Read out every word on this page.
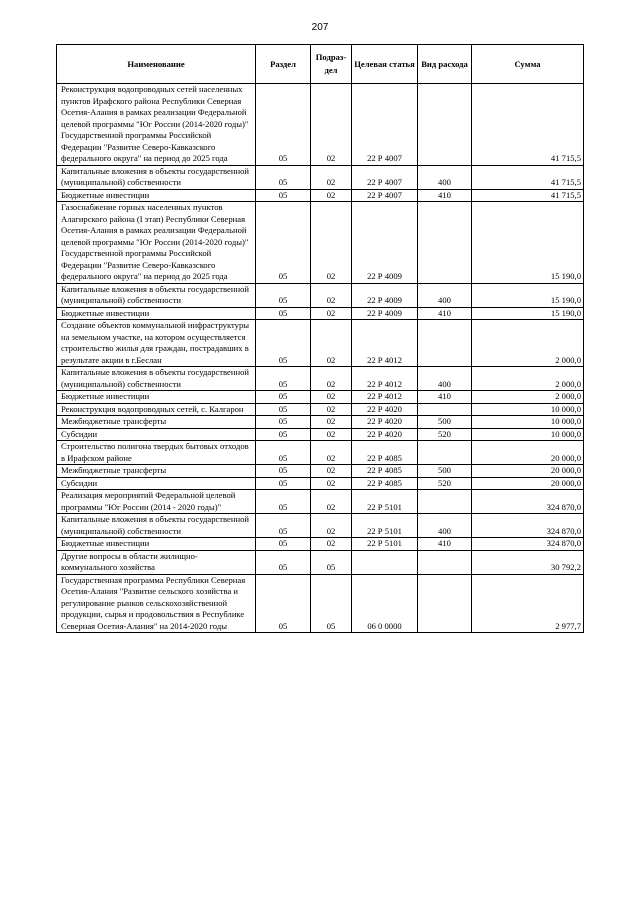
207
Наименование	Раздел	Подраз-дел	Целевая статья	Вид расхода	Сумма
Реконструкция водопроводных сетей населенных пунктов Ирафского района Республики Северная Осетия-Алания в рамках реализации Федеральной целевой программы "Юг России (2014-2020 годы)" Государственной программы Российской Федерации "Развитие Северо-Кавказского федерального округа" на период до 2025 года	05	02	22 Р 4007		41 715,5
Капитальные вложения в объекты государственной (муниципальной) собственности	05	02	22 Р 4007	400	41 715,5
Бюджетные инвестиции	05	02	22 Р 4007	410	41 715,5
Газоснабжение горных населенных пунктов Алагирского района (I этап) Республики Северная Осетия-Алания в рамках реализации Федеральной целевой программы "Юг России (2014-2020 годы)" Государственной программы Российской Федерации "Развитие Северо-Кавказского федерального округа" на период до 2025 года	05	02	22 Р 4009		15 190,0
Капитальные вложения в объекты государственной (муниципальной) собственности	05	02	22 Р 4009	400	15 190,0
Бюджетные инвестиции	05	02	22 Р 4009	410	15 190,0
Создание объектов коммунальной инфраструктуры на земельном участке, на котором осуществляется строительство жилья для граждан, пострадавших в результате акции в г.Беслан	05	02	22 Р 4012		2 000,0
Капитальные вложения в объекты государственной (муниципальной) собственности	05	02	22 Р 4012	400	2 000,0
Бюджетные инвестиции	05	02	22 Р 4012	410	2 000,0
Реконструкция водопроводных сетей, с. Калгарон	05	02	22 Р 4020		10 000,0
Межбюджетные трансферты	05	02	22 Р 4020	500	10 000,0
Субсидии	05	02	22 Р 4020	520	10 000,0
Строительство полигона твердых бытовых отходов в Ирафском районе	05	02	22 Р 4085		20 000,0
Межбюджетные трансферты	05	02	22 Р 4085	500	20 000,0
Субсидии	05	02	22 Р 4085	520	20 000,0
Реализация мероприятий Федеральной целевой программы "Юг России (2014 - 2020 годы)"	05	02	22 Р 5101		324 870,0
Капитальные вложения в объекты государственной (муниципальной) собственности	05	02	22 Р 5101	400	324 870,0
Бюджетные инвестиции	05	02	22 Р 5101	410	324 870,0
Другие вопросы в области жилищно-коммунального хозяйства	05	05			30 792,2
Государственная программа Республики Северная Осетия-Алания "Развитие сельского хозяйства и регулирование рынков сельскохозяйственной продукции, сырья и продовольствия в Республике Северная Осетия-Алания" на 2014-2020 годы	05	05	06 0 0000		2 977,7
